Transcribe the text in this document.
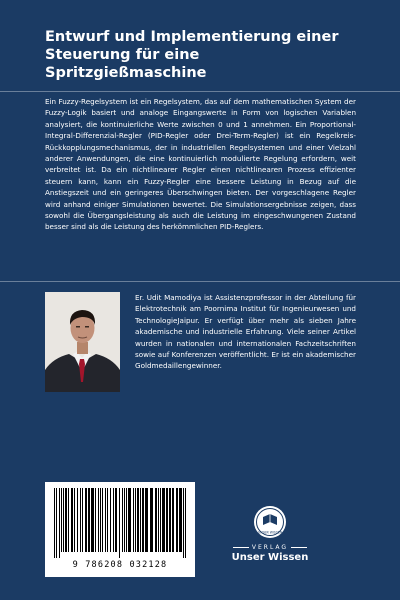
Entwurf und Implementierung einer Steuerung für eine Spritzgießmaschine

Ein Fuzzy-Regelsystem ist ein Regelsystem, das auf dem mathematischen System der Fuzzy-Logik basiert und analoge Eingangswerte in Form von logischen Variablen analysiert, die kontinuierliche Werte zwischen 0 und 1 annehmen. Ein Proportional-Integral-Differenzial-Regler (PID-Regler oder Drei-Term-Regler) ist ein Regelkreis-Rückkopplungsmechanismus, der in industriellen Regelsystemen und einer Vielzahl anderer Anwendungen, die eine kontinuierlich modulierte Regelung erfordern, weit verbreitet ist. Da ein nichtlinearer Regler einen nichtlinearen Prozess effizienter steuern kann, kann ein Fuzzy-Regler eine bessere Leistung in Bezug auf die Anstiegszeit und ein geringeres Überschwingen bieten. Der vorgeschlagene Regler wird anhand einiger Simulationen bewertet. Die Simulationsergebnisse zeigen, dass sowohl die Übergangsleistung als auch die Leistung im eingeschwungenen Zustand besser sind als die Leistung des herkömmlichen PID-Reglers.

Er. Udit Mamodiya ist Assistenzprofessor in der Abteilung für Elektrotechnik am Poornima Institut für Ingenieurwesen und TechnologieJaipur. Er verfügt über mehr als sieben Jahre akademische und industrielle Erfahrung. Viele seiner Artikel wurden in nationalen und internationalen Fachzeitschriften sowie auf Konferenzen veröffentlicht. Er ist ein akademischer Goldmedaillengewinner.

9 786208 032128
UNSER WISSEN
VERLAG
Unser Wissen
